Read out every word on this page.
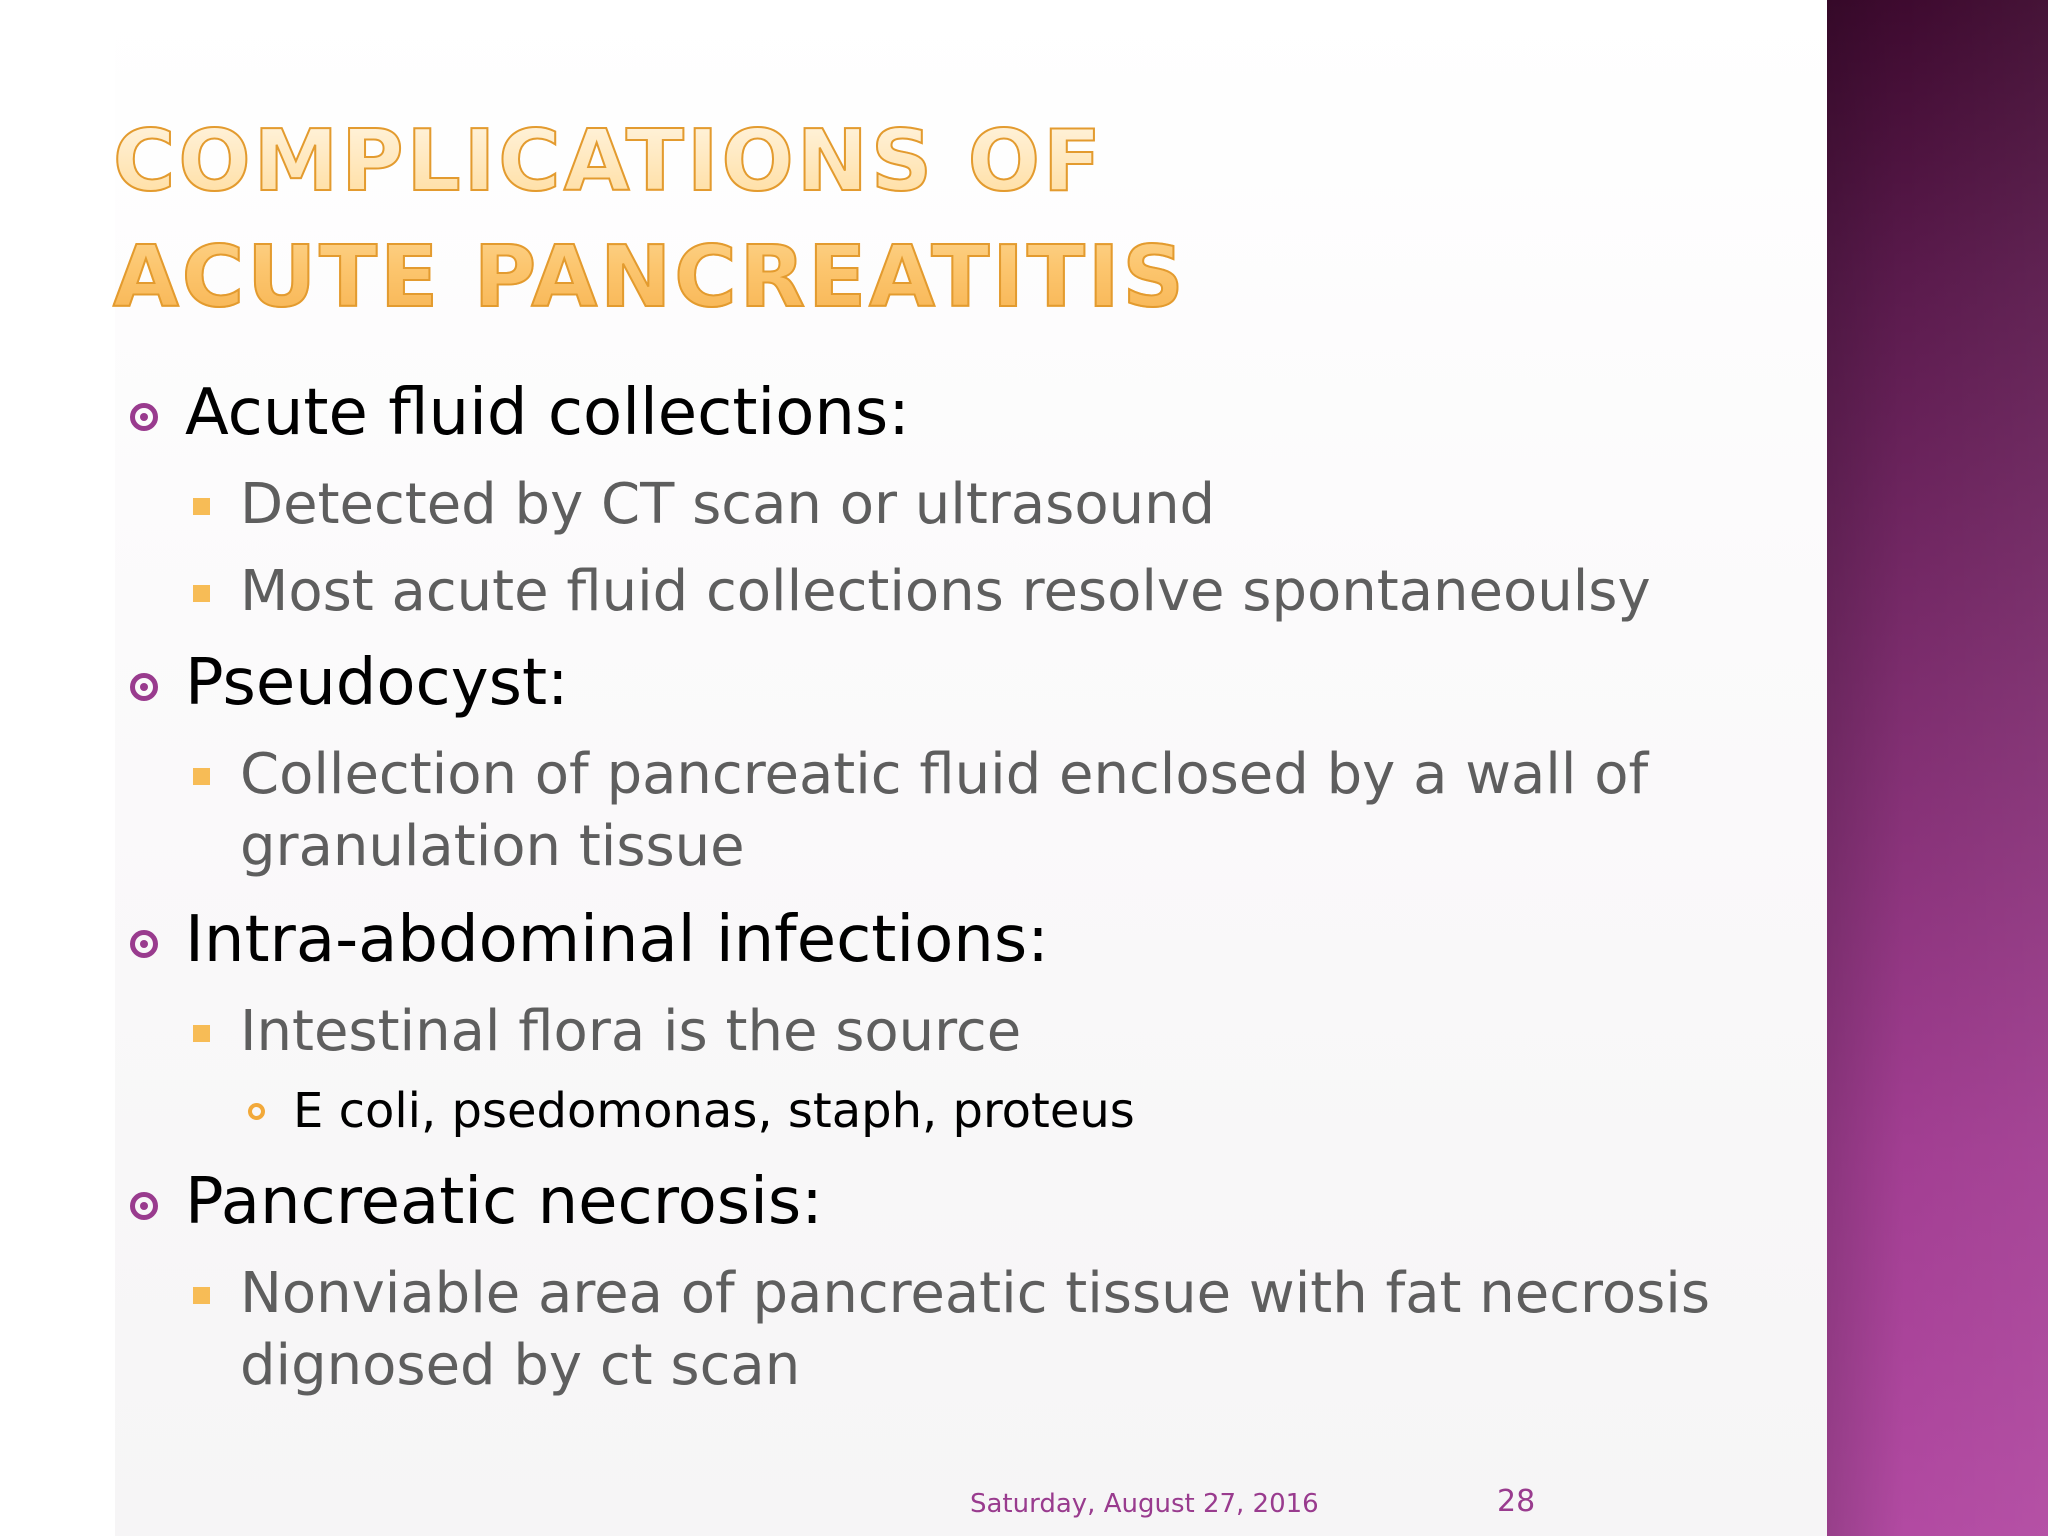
COMPLICATIONS OF ACUTE PANCREATITIS

Acute fluid collections:

Detected by CT scan or ultrasound

Most acute fluid collections resolve spontaneoulsy

Pseudocyst:

Collection of pancreatic fluid enclosed by a wall of

granulation tissue

Intra-abdominal infections:

Intestinal flora is the source

E coli, psedomonas, staph, proteus

Pancreatic necrosis:

Nonviable area of pancreatic tissue with fat necrosis

dignosed by ct scan

Saturday, August 27, 2016	28
